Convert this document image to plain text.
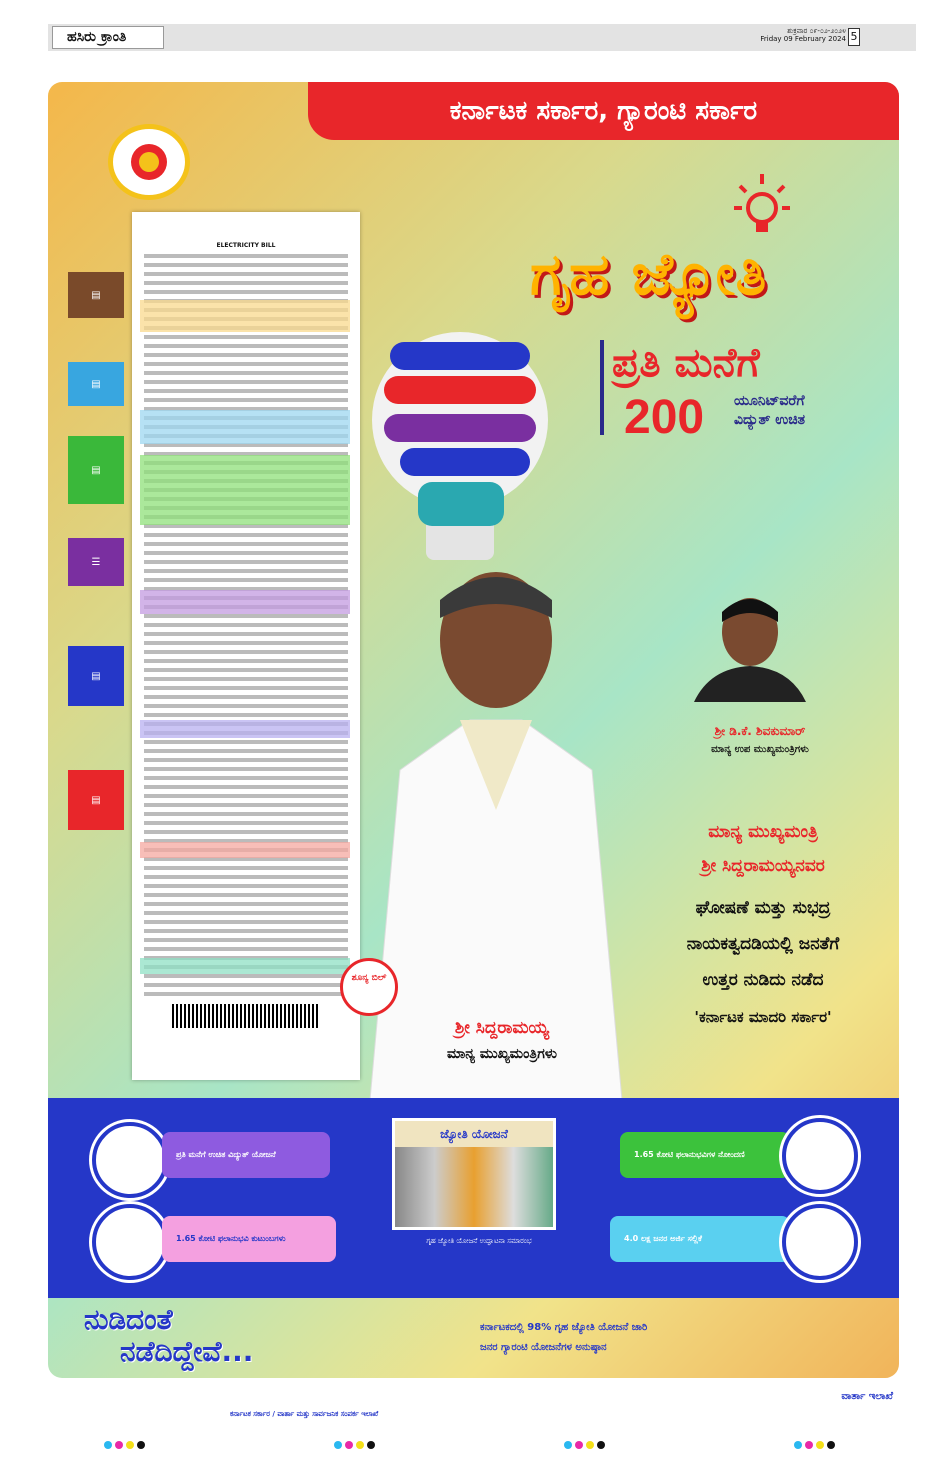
ಹಸಿರು ಕ್ರಾಂತಿ	ಶುಕ್ರವಾರ ೦೯-೦೨-೨೦೨೪
Friday 09 February 2024 5
ಕರ್ನಾಟಕ ಸರ್ಕಾರ, ಗ್ಯಾರಂಟಿ ಸರ್ಕಾರ
ELECTRICITY BILL
▤
▤
▤
☰
▤
▤
ಗೃಹ ಜ್ಯೋತಿ
ಪ್ರತಿ ಮನೆಗೆ
200 ಯೂನಿಟ್‌ವರೆಗೆ
ವಿದ್ಯುತ್ ಉಚಿತ
ಶ್ರೀ ಸಿದ್ದರಾಮಯ್ಯ
ಮಾನ್ಯ ಮುಖ್ಯಮಂತ್ರಿಗಳು
ಶ್ರೀ ಡಿ.ಕೆ. ಶಿವಕುಮಾರ್
ಮಾನ್ಯ ಉಪ ಮುಖ್ಯಮಂತ್ರಿಗಳು
ಮಾನ್ಯ ಮುಖ್ಯಮಂತ್ರಿ
ಶ್ರೀ ಸಿದ್ದರಾಮಯ್ಯನವರ
ಘೋಷಣೆ ಮತ್ತು ಸುಭದ್ರ
ನಾಯಕತ್ವದಡಿಯಲ್ಲಿ ಜನತೆಗೆ
ಉತ್ತರ ನುಡಿದು ನಡೆದ
'ಕರ್ನಾಟಕ ಮಾದರಿ ಸರ್ಕಾರ'
ಶೂನ್ಯ ಬಿಲ್
ಪ್ರತಿ ಮನೆಗೆ ಉಚಿತ ವಿದ್ಯುತ್ ಯೋಜನೆ
1.65 ಕೋಟಿ ಫಲಾನುಭವಿ ಕುಟುಂಬಗಳು
1.65 ಕೋಟಿ ಫಲಾನುಭವಿಗಳ ನೋಂದಣಿ
4.0 ಲಕ್ಷ ಜನರ ಅರ್ಜಿ ಸಲ್ಲಿಕೆ
ಜ್ಯೋತಿ ಯೋಜನೆ
ಗೃಹ ಜ್ಯೋತಿ ಯೋಜನೆ ಉದ್ಘಾಟನಾ ಸಮಾರಂಭ
ನುಡಿದಂತೆ
ನಡೆದಿದ್ದೇವೆ...
ಕರ್ನಾಟಕದಲ್ಲಿ 98% ಗೃಹ ಜ್ಯೋತಿ ಯೋಜನೆ ಜಾರಿ
ಜನರ ಗ್ಯಾರಂಟಿ ಯೋಜನೆಗಳ ಅನುಷ್ಠಾನ
ವಾರ್ತಾ ಇಲಾಖೆ
ಕರ್ನಾಟಕ ಸರ್ಕಾರ / ವಾರ್ತಾ ಮತ್ತು ಸಾರ್ವಜನಿಕ ಸಂಪರ್ಕ ಇಲಾಖೆ
